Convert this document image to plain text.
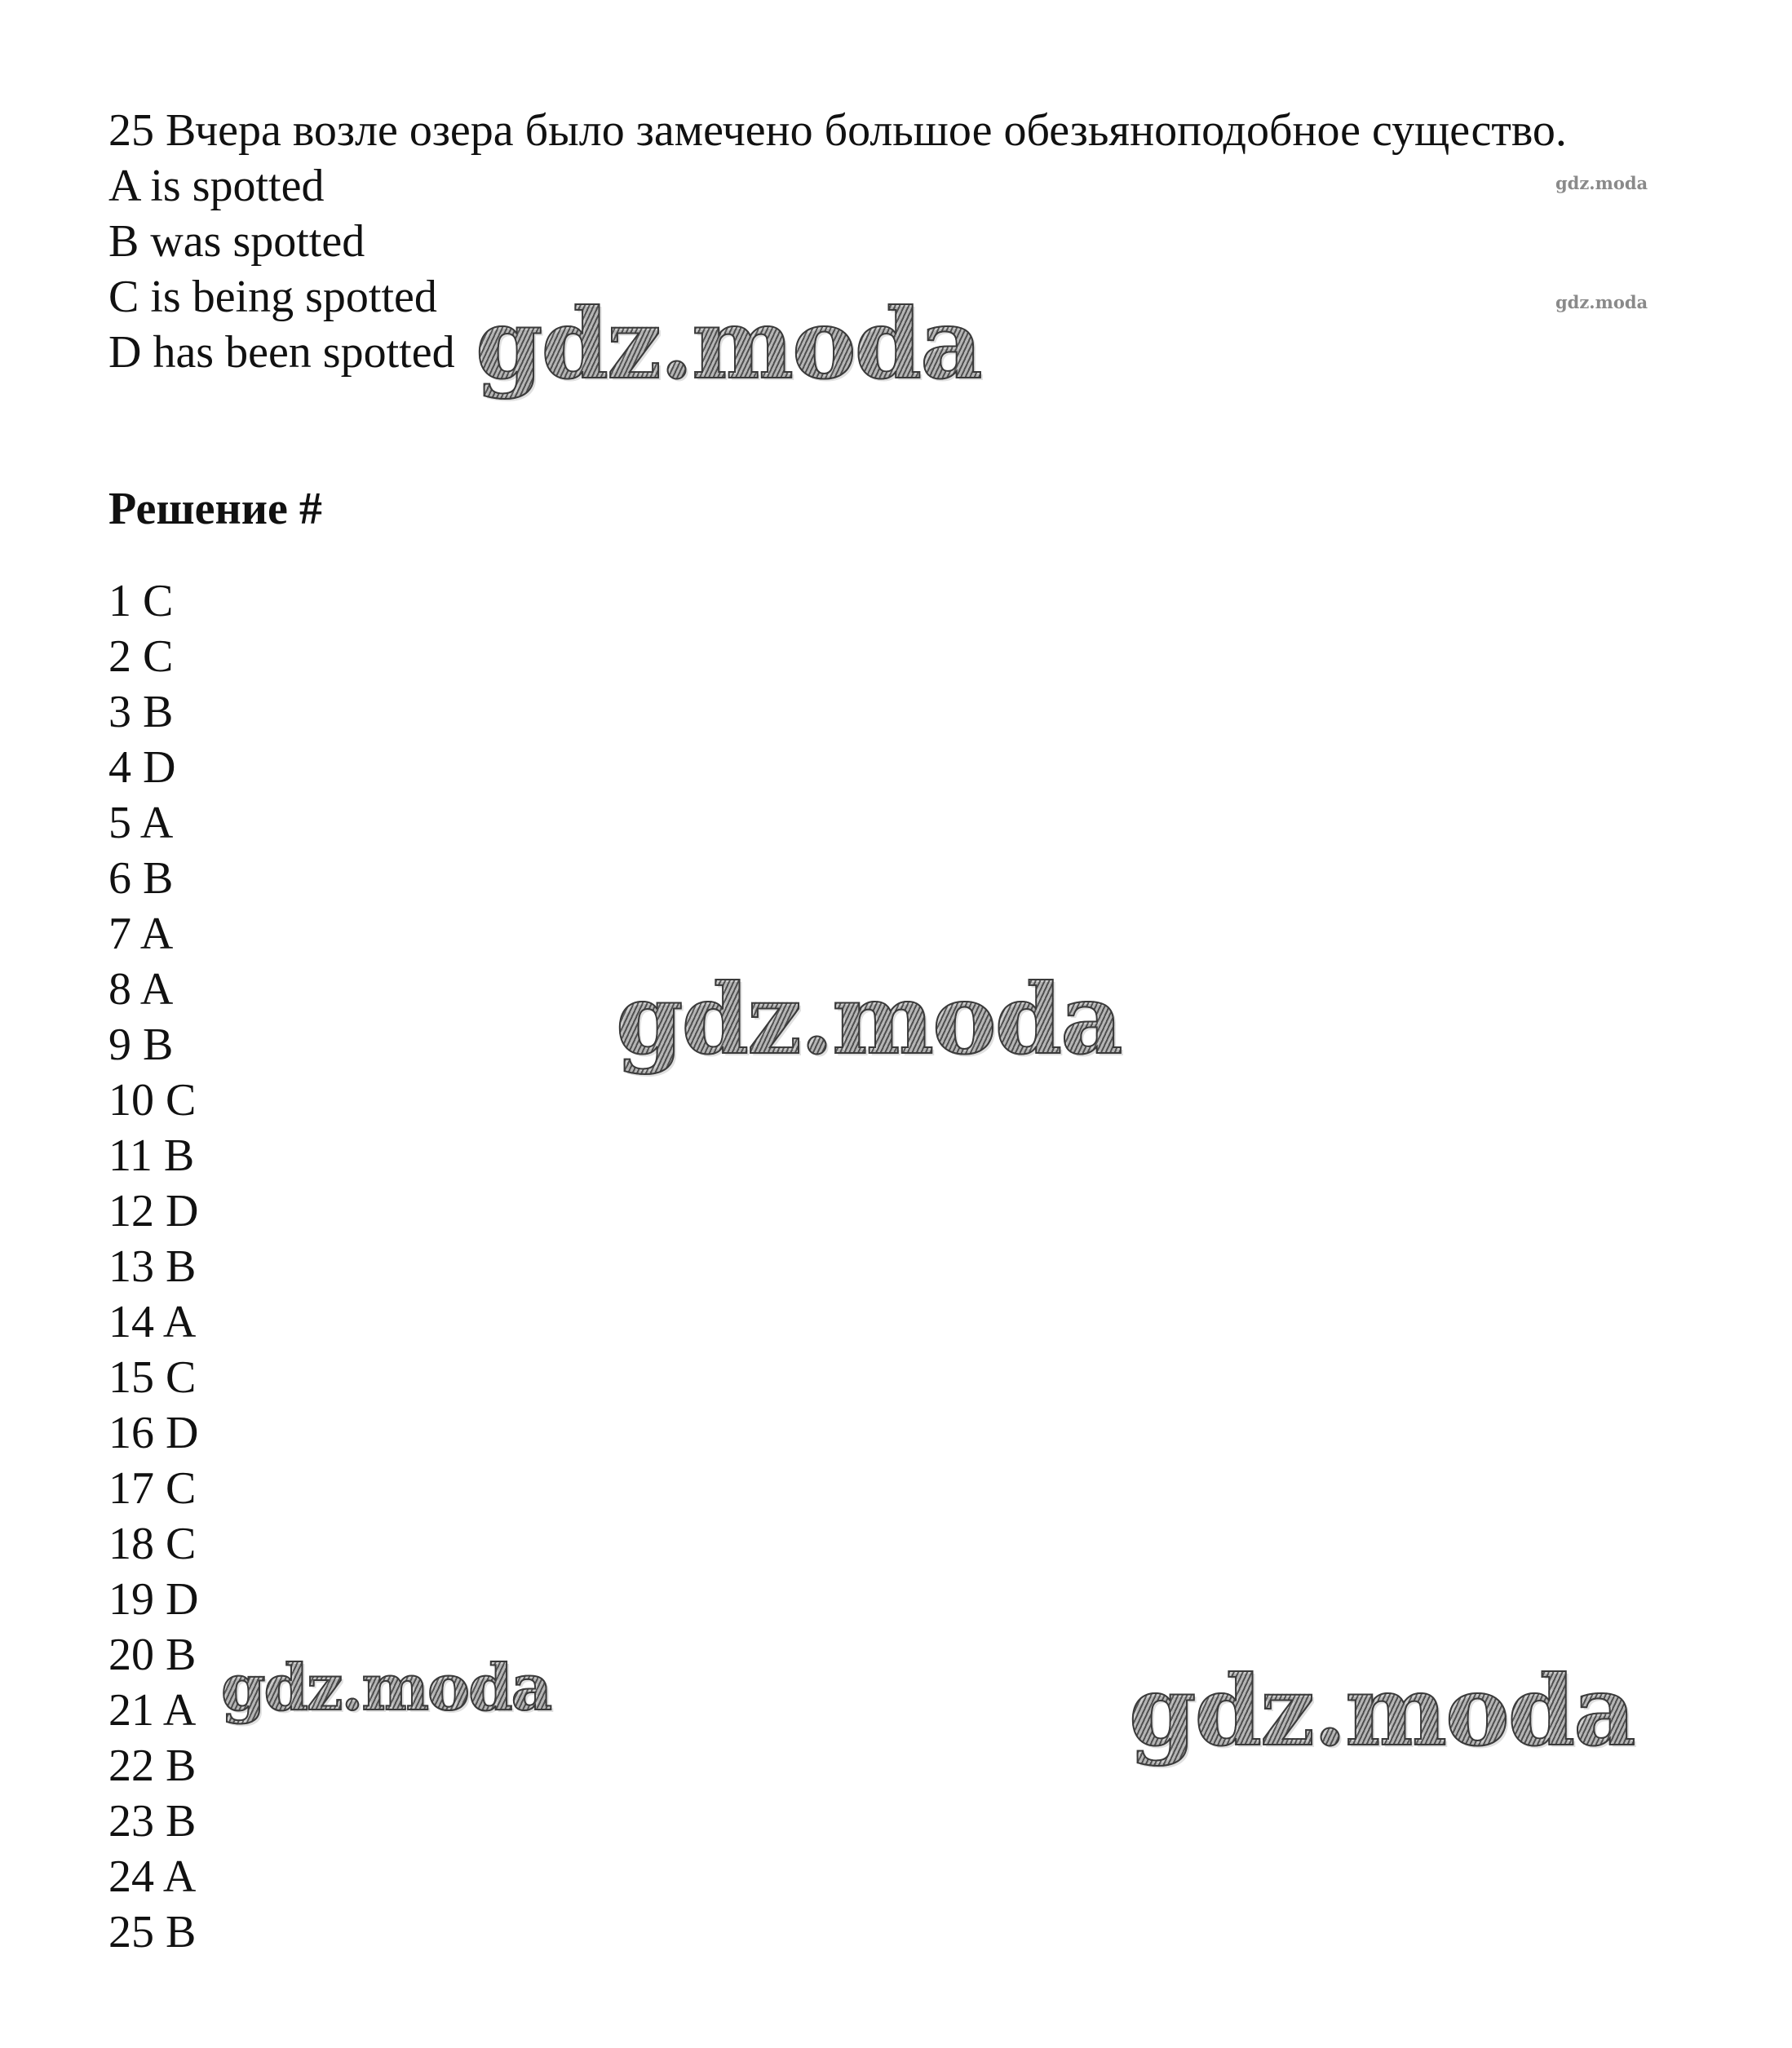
25 Вчера возле озера было замечено большое обезьяноподобное существо.
A is spotted
B was spotted
C is being spotted
D has been spotted
Решение #
1 C
2 C
3 B
4 D
5 A
6 B
7 A
8 A
9 B
10 C
11 B
12 D
13 B
14 A
15 C
16 D
17 C
18 C
19 D
20 B
21 A
22 B
23 B
24 A
25 B
gdz.moda
gdz.moda
gdz.moda
gdz.moda
gdz.moda	gdz.moda
